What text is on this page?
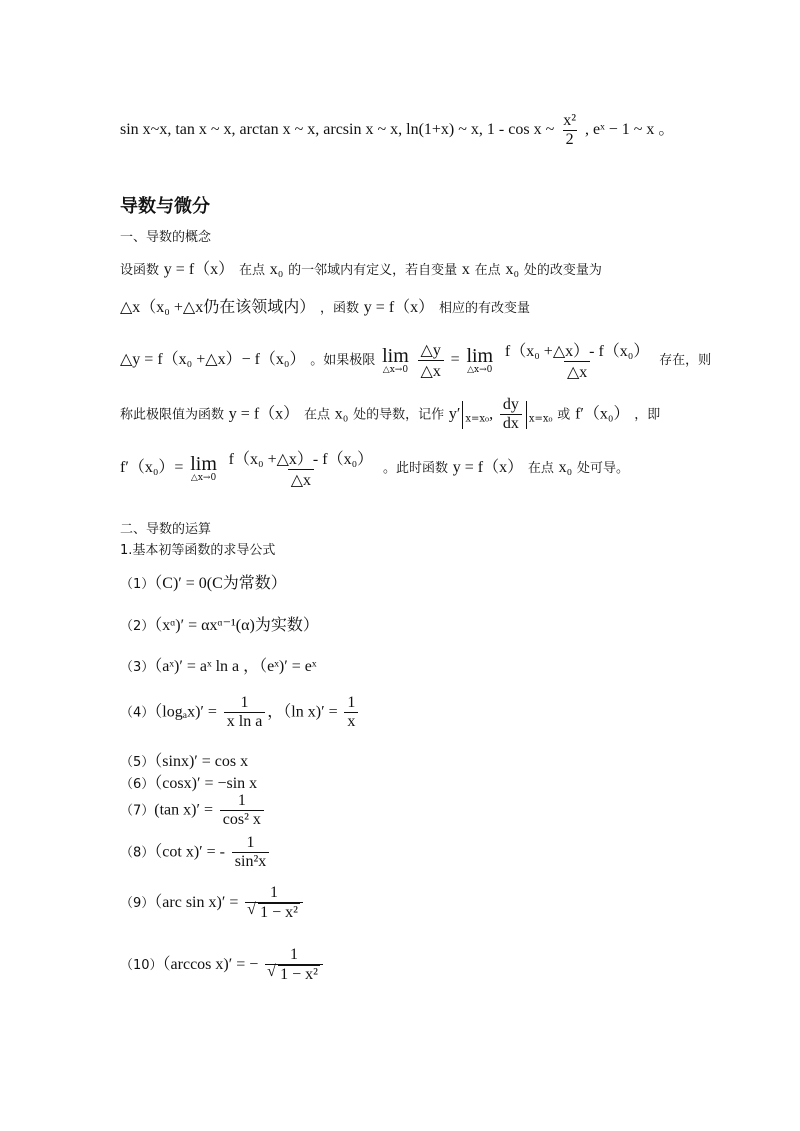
sin x~x, tan x ~ x, arctan x ~ x, arcsin x ~ x, ln(1+x) ~ x, 1 - cos x ~ $\frac{\text{x²}}{2}$ , eˣ − 1 ~ x 。
导数与微分
一、导数的概念
设函数 y = f（x） 在点 x₀ 的一邻域内有定义，若自变量 x 在点 x₀ 处的改变量为
△x（x₀ +△x仍在该领域内） ，函数 y = f（x） 相应的有改变量
△y = f（x₀ +△x）− f（x₀） 。如果极限 lim
△x→0
$\frac{\triangle y}{\triangle x} = \lim$
△x→0
$\frac{\text{f（x₀ +△x）- f（x₀）}}{\triangle x}$ 存在，则
称此极限值为函数 y = f（x） 在点 x₀ 处的导数，记作 y′ $_{x=x_0}$, $\frac{dy}{dx} _{x=x_0}$ 或 f′（x₀） ，即
f′（x₀）= lim
△x→0
$\frac{\text{f（x₀ +△x）- f（x₀）}}{\triangle x}$ 。此时函数 y = f（x） 在点 x₀ 处可导。
二、导数的运算
1.基本初等函数的求导公式
（1）（C)′ = 0(C为常数）
（2）（xᵅ)′ = αxᵅ⁻¹(α)为实数）
（3）（aˣ)′ = aˣ ln a ，（eˣ)′ = eˣ
$(4)(\log_ax)' = \frac{1}{\text{x ln a}}$ ，（ln $x)' = \frac{1}{x}$
（5）（sinx)′ = cos x
（6）（cosx)′ = −sin x
（7）(tan $x)' = \frac{1}{\text{cos² x}}$
（8）（cot x)′ = - $\frac{1}{\text{sin²x}}$
（9）（arc sin x)′ = 1
√ 1 − x²
（10）（arccos x)′ = − 1
√ 1 − x²
